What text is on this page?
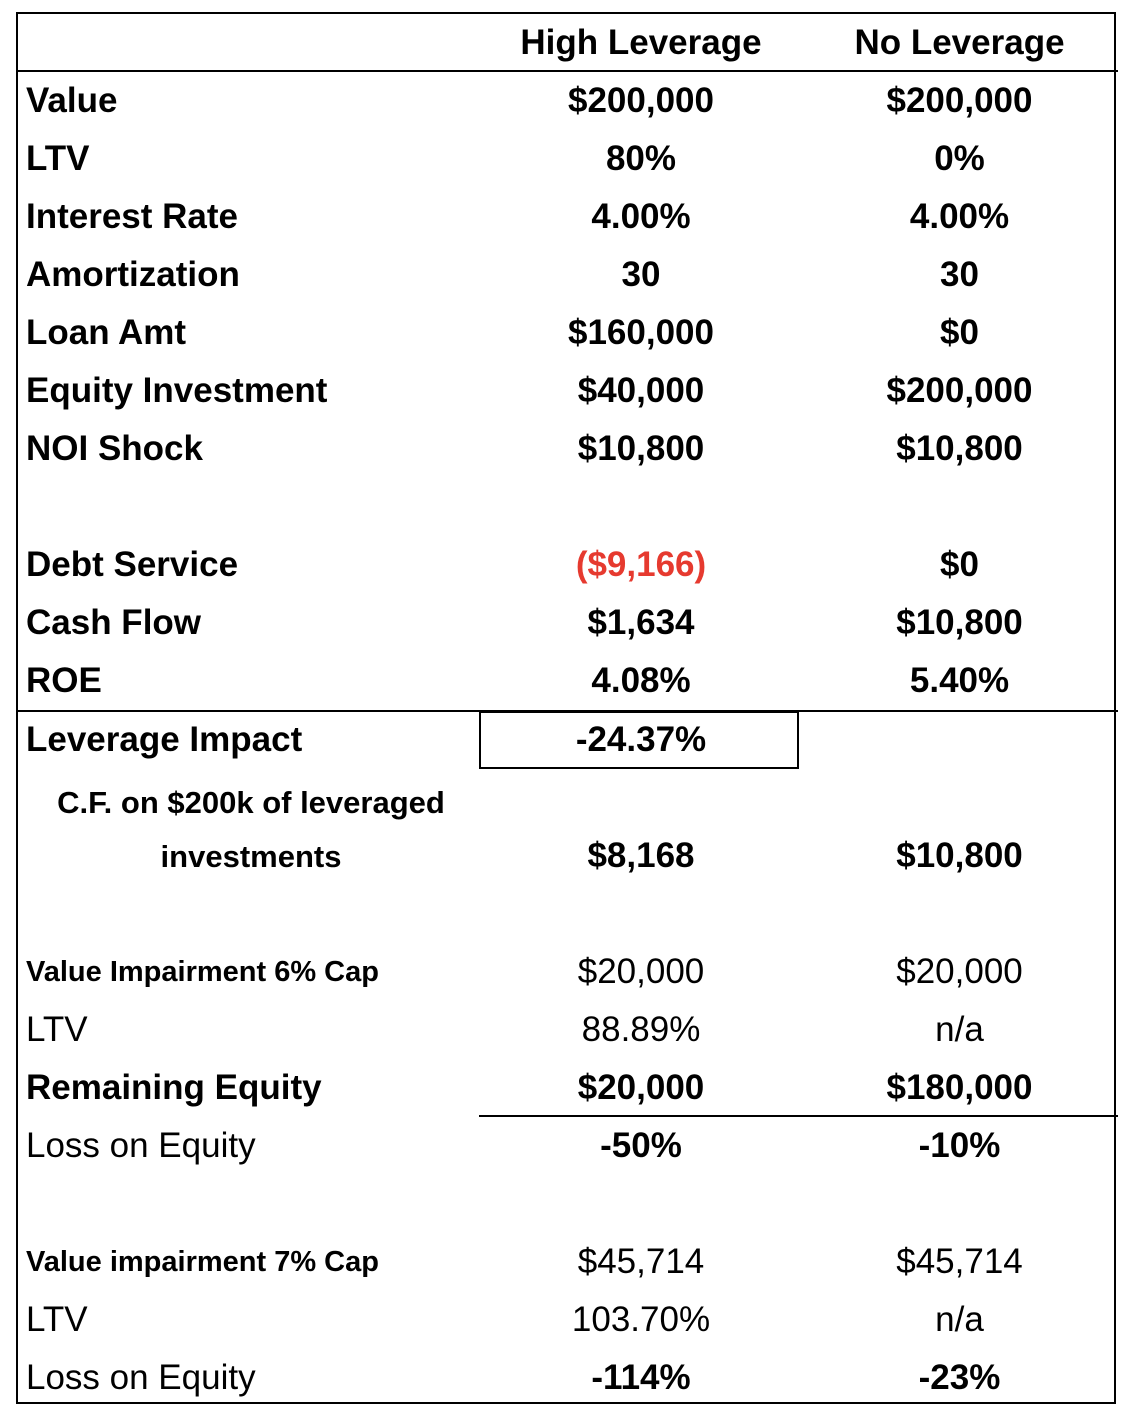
High Leverage	No Leverage
Value	$200,000	$200,000
LTV	80%	0%
Interest Rate	4.00%	4.00%
Amortization	30	30
Loan Amt	$160,000	$0
Equity Investment	$40,000	$200,000
NOI Shock	$10,800	$10,800
Debt Service	($9,166)	$0
Cash Flow	$1,634	$10,800
ROE	4.08%	5.40%
Leverage Impact	-24.37%
C.F. on $200k of leveraged
investments	$8,168	$10,800
Value Impairment 6% Cap	$20,000	$20,000
LTV	88.89%	n/a
Remaining Equity	$20,000	$180,000
Loss on Equity	-50%	-10%
Value impairment 7% Cap	$45,714	$45,714
LTV	103.70%	n/a
Loss on Equity	-114%	-23%
